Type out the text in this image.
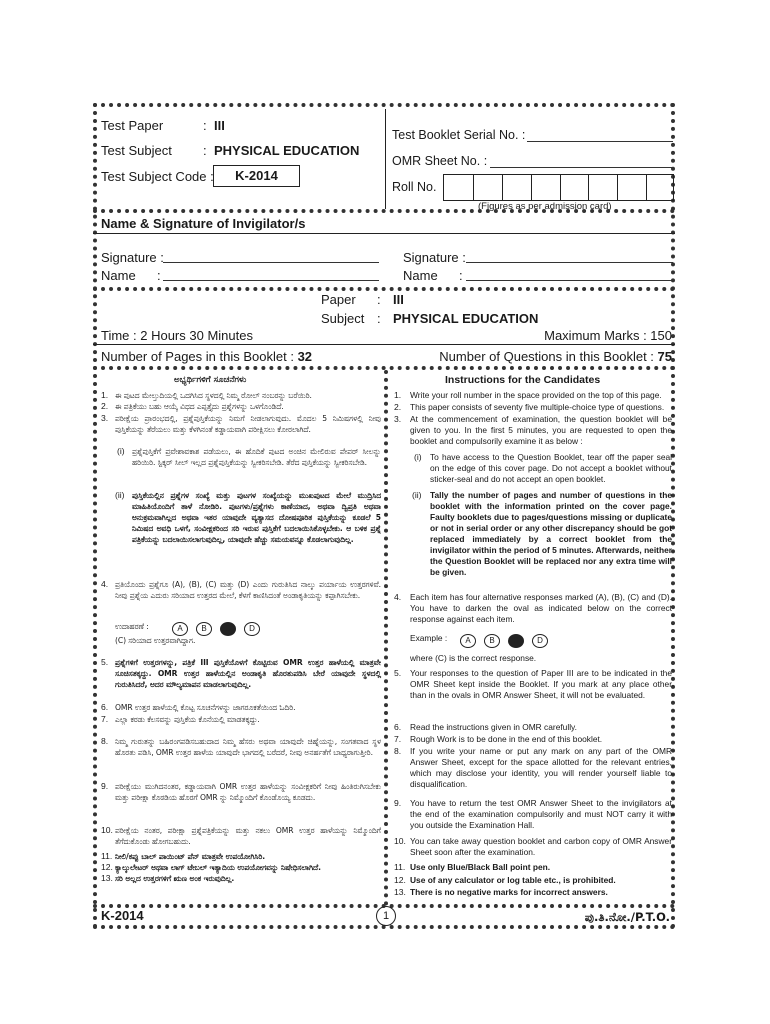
Test Paper	: III
Test Subject : PHYSICAL EDUCATION
Test Subject Code :	K-2014
Test Booklet Serial No. :
OMR Sheet No. :
Roll No.
(Figures as per admission card)
Name & Signature of Invigilator/s
Signature :
Name :
Signature :
Name :
Paper : III
Subject : PHYSICAL EDUCATION
Time : 2 Hours 30 Minutes	Maximum Marks : 150
Number of Pages in this Booklet : 32	Number of Questions in this Booklet : 75
ಅಭ್ಯರ್ಥಿಗಳಿಗೆ ಸೂಚನೆಗಳು
1. ಈ ಪುಟದ ಮೇಲ್ತುದಿಯಲ್ಲಿ ಒದಗಿಸಿದ ಸ್ಥಳದಲ್ಲಿ ನಿಮ್ಮ ರೋಲ್ ನಂಬರನ್ನು ಬರೆಯಿರಿ.
2. ಈ ಪತ್ರಿಕೆಯು ಬಹು ಆಯ್ಕೆ ವಿಧದ ಎಪ್ಪತ್ತೈದು ಪ್ರಶ್ನೆಗಳನ್ನು ಒಳಗೊಂಡಿದೆ.
3. ಪರೀಕ್ಷೆಯ ಪ್ರಾರಂಭದಲ್ಲಿ, ಪ್ರಶ್ನೆಪುಸ್ತಿಕೆಯನ್ನು ನಿಮಗೆ ನೀಡಲಾಗುವುದು. ಮೊದಲ 5 ನಿಮಿಷಗಳಲ್ಲಿ ನೀವು ಪುಸ್ತಿಕೆಯನ್ನು ತೆರೆಯಲು ಮತ್ತು ಕೆಳಗಿನಂತೆ ಕಡ್ಡಾಯವಾಗಿ ಪರೀಕ್ಷಿಸಲು ಕೋರಲಾಗಿದೆ.
(i) ಪ್ರಶ್ನೆಪುಸ್ತಿಕೆಗೆ ಪ್ರವೇಶಾವಕಾಶ ಪಡೆಯಲು, ಈ ಹೊದಿಕೆ ಪುಟದ ಅಂಚಿನ ಮೇಲಿರುವ ಪೇಪರ್ ಸೀಲನ್ನು ಹರಿಯಿರಿ. ಸ್ಟಿಕ್ಕರ್ ಸೀಲ್ ಇಲ್ಲದ ಪ್ರಶ್ನೆಪುಸ್ತಿಕೆಯನ್ನು ಸ್ವೀಕರಿಸಬೇಡಿ. ತೆರೆದ ಪುಸ್ತಿಕೆಯನ್ನು ಸ್ವೀಕರಿಸಬೇಡಿ.
(ii) ಪುಸ್ತಿಕೆಯಲ್ಲಿನ ಪ್ರಶ್ನೆಗಳ ಸಂಖ್ಯೆ ಮತ್ತು ಪುಟಗಳ ಸಂಖ್ಯೆಯನ್ನು ಮುಖಪುಟದ ಮೇಲೆ ಮುದ್ರಿಸಿದ ಮಾಹಿತಿಯೊಂದಿಗೆ ತಾಳೆ ನೋಡಿರಿ. ಪುಟಗಳು/ಪ್ರಶ್ನೆಗಳು ಕಾಣೆಯಾದ, ಅಥವಾ ದ್ವಿಪ್ರತಿ ಅಥವಾ ಅನುಕ್ರಮವಾಗಿಲ್ಲದ ಅಥವಾ ಇತರ ಯಾವುದೇ ವ್ಯತ್ಯಾಸದ ದೋಷಪೂರಿತ ಪುಸ್ತಿಕೆಯನ್ನು ಕೂಡಲೆ 5 ನಿಮಿಷದ ಅವಧಿ ಒಳಗೆ, ಸಂವೀಕ್ಷಕರಿಂದ ಸರಿ ಇರುವ ಪುಸ್ತಿಕೆಗೆ ಬದಲಾಯಿಸಿಕೊಳ್ಳಬೇಕು. ಆ ಬಳಿಕ ಪ್ರಶ್ನೆ ಪತ್ರಿಕೆಯನ್ನು ಬದಲಾಯಿಸಲಾಗುವುದಿಲ್ಲ, ಯಾವುದೇ ಹೆಚ್ಚು ಸಮಯವನ್ನೂ ಕೊಡಲಾಗುವುದಿಲ್ಲ.
4. ಪ್ರತಿಯೊಂದು ಪ್ರಶ್ನೆಗೂ (A), (B), (C) ಮತ್ತು (D) ಎಂದು ಗುರುತಿಸಿದ ನಾಲ್ಕು ಪರ್ಯಾಯ ಉತ್ತರಗಳಿವೆ. ನೀವು ಪ್ರಶ್ನೆಯ ಎದುರು ಸರಿಯಾದ ಉತ್ತರದ ಮೇಲೆ, ಕೆಳಗೆ ಕಾಣಿಸಿದಂತೆ ಅಂಡಾಕೃತಿಯನ್ನು ಕಪ್ಪಾಗಿಸಬೇಕು.
ಉದಾಹರಣೆ :	A B C D
(C) ಸರಿಯಾದ ಉತ್ತರವಾಗಿದ್ದಾಗ.
5. ಪ್ರಶ್ನೆಗಳಿಗೆ ಉತ್ತರಗಳನ್ನು, ಪತ್ರಿಕೆ III ಪುಸ್ತಿಕೆಯೊಳಗೆ ಕೊಟ್ಟಿರುವ OMR ಉತ್ತರ ಹಾಳೆಯಲ್ಲಿ ಮಾತ್ರವೇ ಸೂಚಿಸತಕ್ಕದ್ದು. OMR ಉತ್ತರ ಹಾಳೆಯಲ್ಲಿನ ಅಂಡಾಕೃತಿ ಹೊರತುಪಡಿಸಿ ಬೇರೆ ಯಾವುದೇ ಸ್ಥಳದಲ್ಲಿ ಗುರುತಿಸಿದರೆ, ಅದರ ಮೌಲ್ಯಮಾಪನ ಮಾಡಲಾಗುವುದಿಲ್ಲ.
6. OMR ಉತ್ತರ ಹಾಳೆಯಲ್ಲಿ ಕೊಟ್ಟ ಸೂಚನೆಗಳನ್ನು ಜಾಗರೂಕತೆಯಿಂದ ಓದಿರಿ.
7. ಎಲ್ಲಾ ಕರಡು ಕೆಲಸವನ್ನು ಪುಸ್ತಿಕೆಯ ಕೊನೆಯಲ್ಲಿ ಮಾಡತಕ್ಕದ್ದು.
8. ನಿಮ್ಮ ಗುರುತನ್ನು ಬಹಿರಂಗಪಡಿಸಬಹುದಾದ ನಿಮ್ಮ ಹೆಸರು ಅಥವಾ ಯಾವುದೇ ಚಿಹ್ನೆಯನ್ನು, ಸಂಗತವಾದ ಸ್ಥಳ ಹೊರತು ಪಡಿಸಿ, OMR ಉತ್ತರ ಹಾಳೆಯ ಯಾವುದೇ ಭಾಗದಲ್ಲಿ ಬರೆದರೆ, ನೀವು ಅನರ್ಹತೆಗೆ ಬಾಧ್ಯರಾಗುತ್ತೀರಿ.
9. ಪರೀಕ್ಷೆಯು ಮುಗಿದನಂತರ, ಕಡ್ಡಾಯವಾಗಿ OMR ಉತ್ತರ ಹಾಳೆಯನ್ನು ಸಂವೀಕ್ಷಕರಿಗೆ ನೀವು ಹಿಂತಿರುಗಿಸಬೇಕು ಮತ್ತು ಪರೀಕ್ಷಾ ಕೊಠಡಿಯ ಹೊರಗೆ OMR ನ್ನು ನಿಮ್ಮೊಂದಿಗೆ ಕೊಂಡೊಯ್ಯ ಕೂಡದು.
10. ಪರೀಕ್ಷೆಯ ನಂತರ, ಪರೀಕ್ಷಾ ಪ್ರಶ್ನೆಪತ್ರಿಕೆಯನ್ನು ಮತ್ತು ನಕಲು OMR ಉತ್ತರ ಹಾಳೆಯನ್ನು ನಿಮ್ಮೊಂದಿಗೆ ತೆಗೆದುಕೊಂಡು ಹೋಗಬಹುದು.
11. ನೀಲಿ/ಕಪ್ಪು ಬಾಲ್ ಪಾಯಿಂಟ್ ಪೆನ್ ಮಾತ್ರವೇ ಉಪಯೋಗಿಸಿರಿ.
12. ಕ್ಯಾಲ್ಕುಲೇಟರ್ ಅಥವಾ ಲಾಗ್ ಟೇಬಲ್ ಇತ್ಯಾದಿಯ ಉಪಯೋಗವನ್ನು ನಿಷೇಧಿಸಲಾಗಿದೆ.
13. ಸರಿ ಅಲ್ಲದ ಉತ್ತರಗಳಿಗೆ ಋಣ ಅಂಕ ಇರುವುದಿಲ್ಲ.
Instructions for the Candidates
1. Write your roll number in the space provided on the top of this page.
2. This paper consists of seventy five multiple-choice type of questions.
3. At the commencement of examination, the question booklet will be given to you. In the first 5 minutes, you are requested to open the booklet and compulsorily examine it as below :
(i) To have access to the Question Booklet, tear off the paper seal on the edge of this cover page. Do not accept a booklet without sticker-seal and do not accept an open booklet.
(ii) Tally the number of pages and number of questions in the booklet with the information printed on the cover page. Faulty booklets due to pages/questions missing or duplicate or not in serial order or any other discrepancy should be got replaced immediately by a correct booklet from the invigilator within the period of 5 minutes. Afterwards, neither the Question Booklet will be replaced nor any extra time will be given.
4. Each item has four alternative responses marked (A), (B), (C) and (D). You have to darken the oval as indicated below on the correct response against each item.
Example :	A B C D
where (C) is the correct response.
5. Your responses to the question of Paper III are to be indicated in the OMR Sheet kept inside the Booklet. If you mark at any place other than in the ovals in OMR Answer Sheet, it will not be evaluated.
6. Read the instructions given in OMR carefully.
7. Rough Work is to be done in the end of this booklet.
8. If you write your name or put any mark on any part of the OMR Answer Sheet, except for the space allotted for the relevant entries, which may disclose your identity, you will render yourself liable to disqualification.
9. You have to return the test OMR Answer Sheet to the invigilators at the end of the examination compulsorily and must NOT carry it with you outside the Examination Hall.
10. You can take away question booklet and carbon copy of OMR Answer Sheet soon after the examination.
11. Use only Blue/Black Ball point pen.
12. Use of any calculator or log table etc., is prohibited.
13. There is no negative marks for incorrect answers.
K-2014	1	ಪು.ತಿ.ನೋ./P.T.O.
